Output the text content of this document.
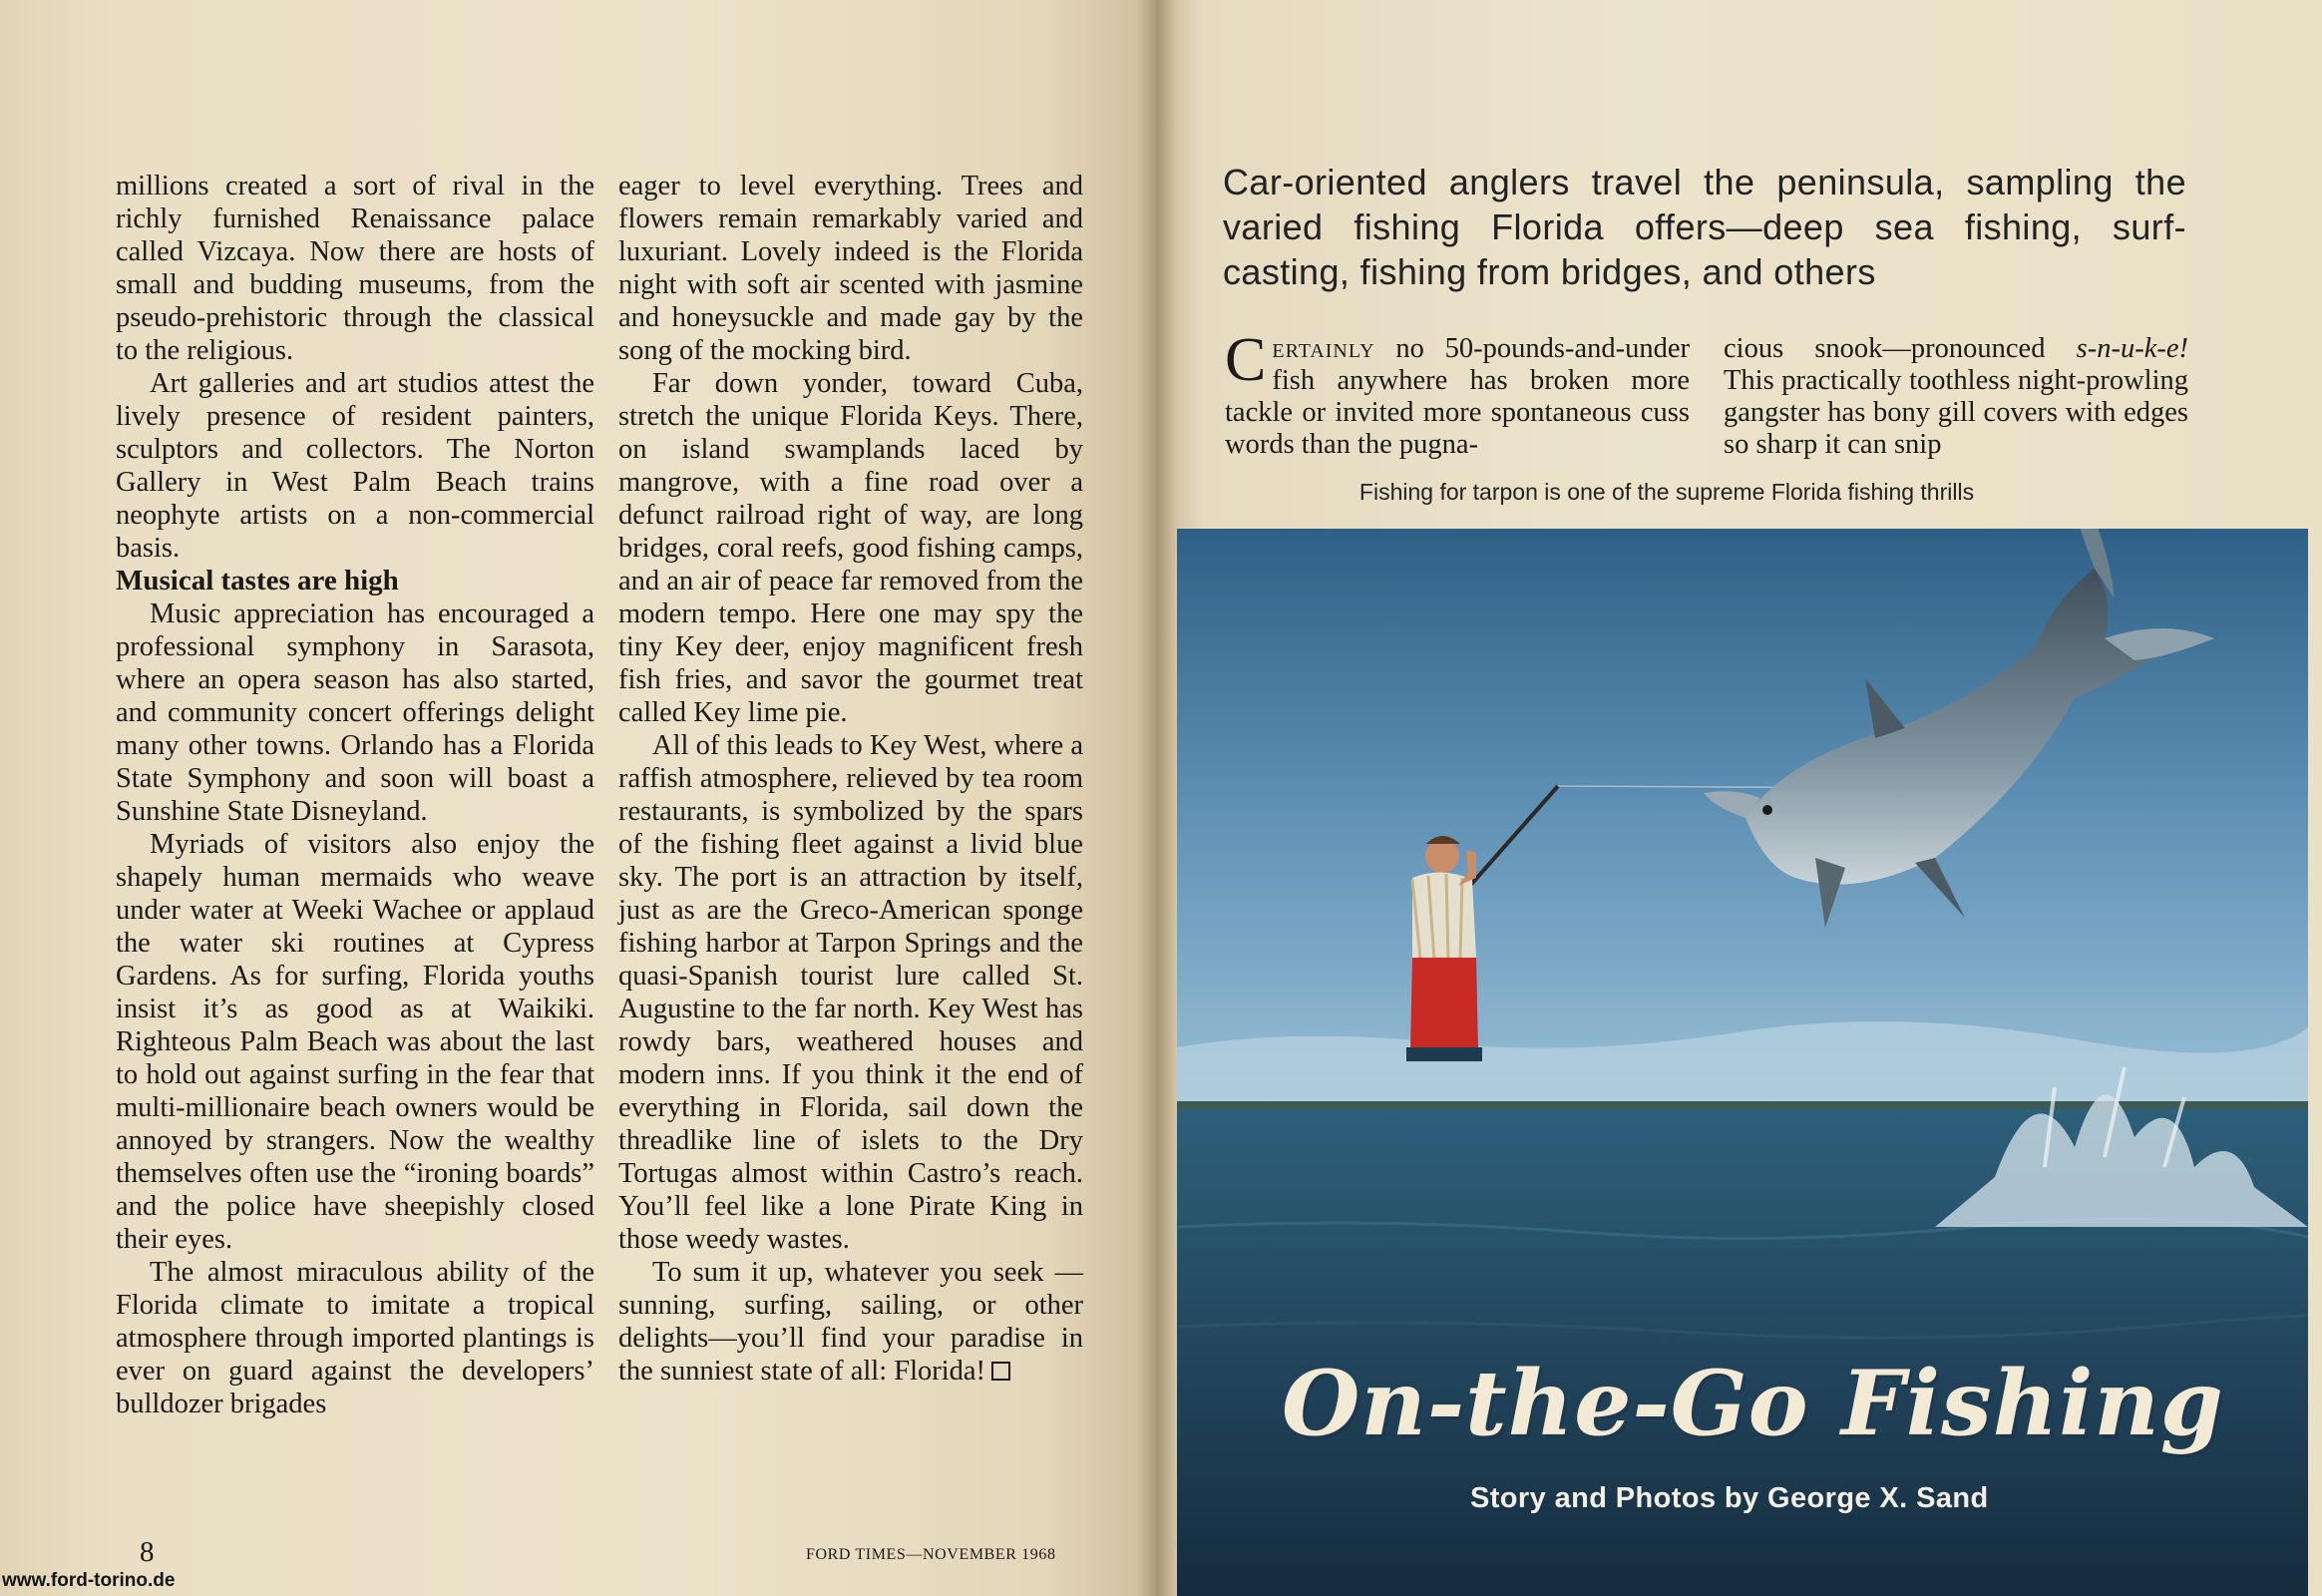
millions created a sort of rival in the richly furnished Renaissance palace called Vizcaya. Now there are hosts of small and budding museums, from the pseudo-prehistoric through the classical to the religious.

Art galleries and art studios attest the lively presence of resident painters, sculptors and collectors. The Norton Gallery in West Palm Beach trains neophyte artists on a non-commercial basis.

Musical tastes are high

Music appreciation has encouraged a professional symphony in Sarasota, where an opera season has also started, and community concert offerings delight many other towns. Orlando has a Florida State Symphony and soon will boast a Sunshine State Disneyland.

Myriads of visitors also enjoy the shapely human mermaids who weave under water at Weeki Wachee or applaud the water ski routines at Cypress Gardens. As for surfing, Florida youths insist it’s as good as at Waikiki. Righteous Palm Beach was about the last to hold out against surfing in the fear that multi-millionaire beach owners would be annoyed by strangers. Now the wealthy themselves often use the “ironing boards” and the police have sheepishly closed their eyes.

The almost miraculous ability of the Florida climate to imitate a tropical atmosphere through imported plantings is ever on guard against the developers’ bulldozer brigades

eager to level everything. Trees and flowers remain remarkably varied and luxuriant. Lovely indeed is the Florida night with soft air scented with jasmine and honeysuckle and made gay by the song of the mocking bird.

Far down yonder, toward Cuba, stretch the unique Florida Keys. There, on island swamplands laced by mangrove, with a fine road over a defunct railroad right of way, are long bridges, coral reefs, good fishing camps, and an air of peace far removed from the modern tempo. Here one may spy the tiny Key deer, enjoy magnificent fresh fish fries, and savor the gourmet treat called Key lime pie.

All of this leads to Key West, where a raffish atmosphere, relieved by tea room restaurants, is symbolized by the spars of the fishing fleet against a livid blue sky. The port is an attraction by itself, just as are the Greco-American sponge fishing harbor at Tarpon Springs and the quasi-Spanish tourist lure called St. Augustine to the far north. Key West has rowdy bars, weathered houses and modern inns. If you think it the end of everything in Florida, sail down the threadlike line of islets to the Dry Tortugas almost within Castro’s reach. You’ll feel like a lone Pirate King in those weedy wastes.

To sum it up, whatever you seek —sunning, surfing, sailing, or other delights—you’ll find your paradise in the sunniest state of all: Florida!

8	FORD TIMES—NOVEMBER 1968
www.ford-torino.de
Car-oriented anglers travel the peninsula, sampling the varied fishing Florida offers—deep sea fishing, surf-casting, fishing from bridges, and others
Certainly no 50-pounds-and-under fish anywhere has broken more tackle or invited more spontaneous cuss words than the pugna-
cious snook—pronounced s-n-u-k-e! This practically toothless night-prowling gangster has bony gill covers with edges so sharp it can snip
Fishing for tarpon is one of the supreme Florida fishing thrills
On-the-Go Fishing
Story and Photos by George X. Sand
